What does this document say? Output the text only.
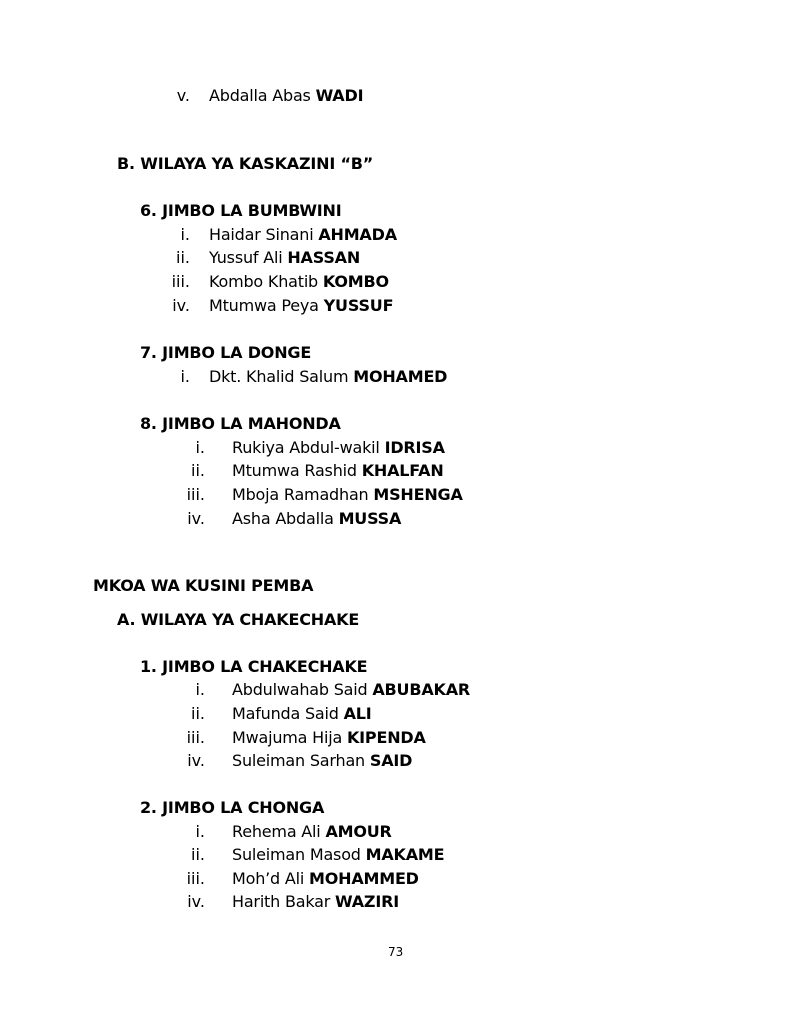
v. Abdalla Abas WADI
B. WILAYA YA KASKAZINI “B”
6. JIMBO LA BUMBWINI
i. Haidar Sinani AHMADA
ii. Yussuf Ali HASSAN
iii. Kombo Khatib KOMBO
iv. Mtumwa Peya YUSSUF
7. JIMBO LA DONGE
i. Dkt. Khalid Salum MOHAMED
8. JIMBO LA MAHONDA
i. Rukiya Abdul-wakil IDRISA
ii. Mtumwa Rashid KHALFAN
iii. Mboja Ramadhan MSHENGA
iv. Asha Abdalla MUSSA
MKOA WA KUSINI PEMBA
A. WILAYA YA CHAKECHAKE
1. JIMBO LA CHAKECHAKE
i. Abdulwahab Said ABUBAKAR
ii. Mafunda Said ALI
iii. Mwajuma Hija KIPENDA
iv. Suleiman Sarhan SAID
2. JIMBO LA CHONGA
i. Rehema Ali AMOUR
ii. Suleiman Masod MAKAME
iii. Moh’d Ali MOHAMMED
iv. Harith Bakar WAZIRI
73
